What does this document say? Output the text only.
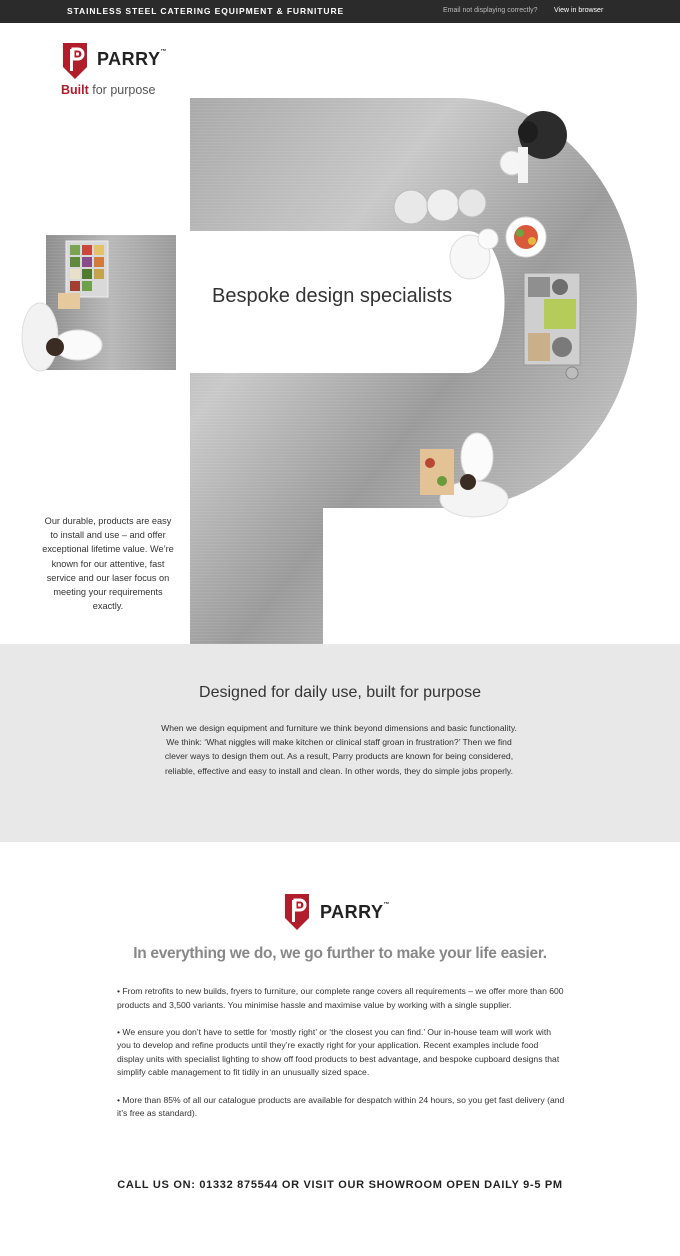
STAINLESS STEEL CATERING EQUIPMENT & FURNITURE	Email not displaying correctly? View in browser
PARRY™
Built for purpose
Bespoke design specialists

Our durable, products are easy to install and use – and offer exceptional lifetime value. We’re known for our attentive, fast service and our laser focus on meeting your requirements exactly.

Designed for daily use, built for purpose

When we design equipment and furniture we think beyond dimensions and basic functionality. We think: ‘What niggles will make kitchen or clinical staff groan in frustration?’ Then we find clever ways to design them out. As a result, Parry products are known for being considered, reliable, effective and easy to install and clean. In other words, they do simple jobs properly.

PARRY™
In everything we do, we go further to make your life easier.
• From retrofits to new builds, fryers to furniture, our complete range covers all requirements – we offer more than 600 products and 3,500 variants. You minimise hassle and maximise value by working with a single supplier.
• We ensure you don’t have to settle for ‘mostly right’ or ‘the closest you can find.’ Our in-house team will work with you to develop and refine products until they’re exactly right for your application. Recent examples include food display units with specialist lighting to show off food products to best advantage, and bespoke cupboard designs that simplify cable management to fit tidily in an unusually sized space.
• More than 85% of all our catalogue products are available for despatch within 24 hours, so you get fast delivery (and it’s free as standard).
CALL US ON: 01332 875544 OR VISIT OUR SHOWROOM OPEN DAILY 9-5 PM
